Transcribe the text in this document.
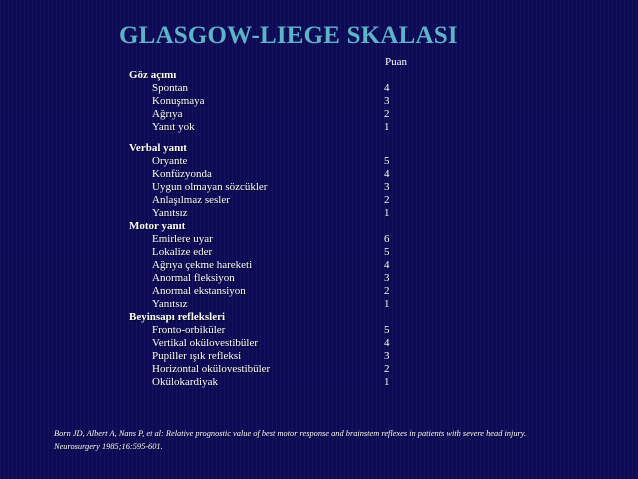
GLASGOW-LIEGE SKALASI
Puan
Göz açımı
Spontan	4
Konuşmaya	3
Ağrıya	2
Yanıt yok	1
Verbal yanıt
Oryante	5
Konfüzyonda	4
Uygun olmayan sözcükler	3
Anlaşılmaz sesler	2
Yanıtsız	1
Motor yanıt
Emirlere uyar	6
Lokalize eder	5
Ağrıya çekme hareketi	4
Anormal fleksiyon	3
Anormal ekstansiyon	2
Yanıtsız	1
Beyinsapı refleksleri
Fronto-orbiküler	5
Vertikal okülovestibüler	4
Pupiller ışık refleksi	3
Horizontal okülovestibüler	2
Okülokardiyak	1
Born JD, Albert A, Nans P, et al: Relative prognostic value of best motor response and brainstem reflexes in patients with severe head injury.
Neurosurgery 1985;16:595-601.
